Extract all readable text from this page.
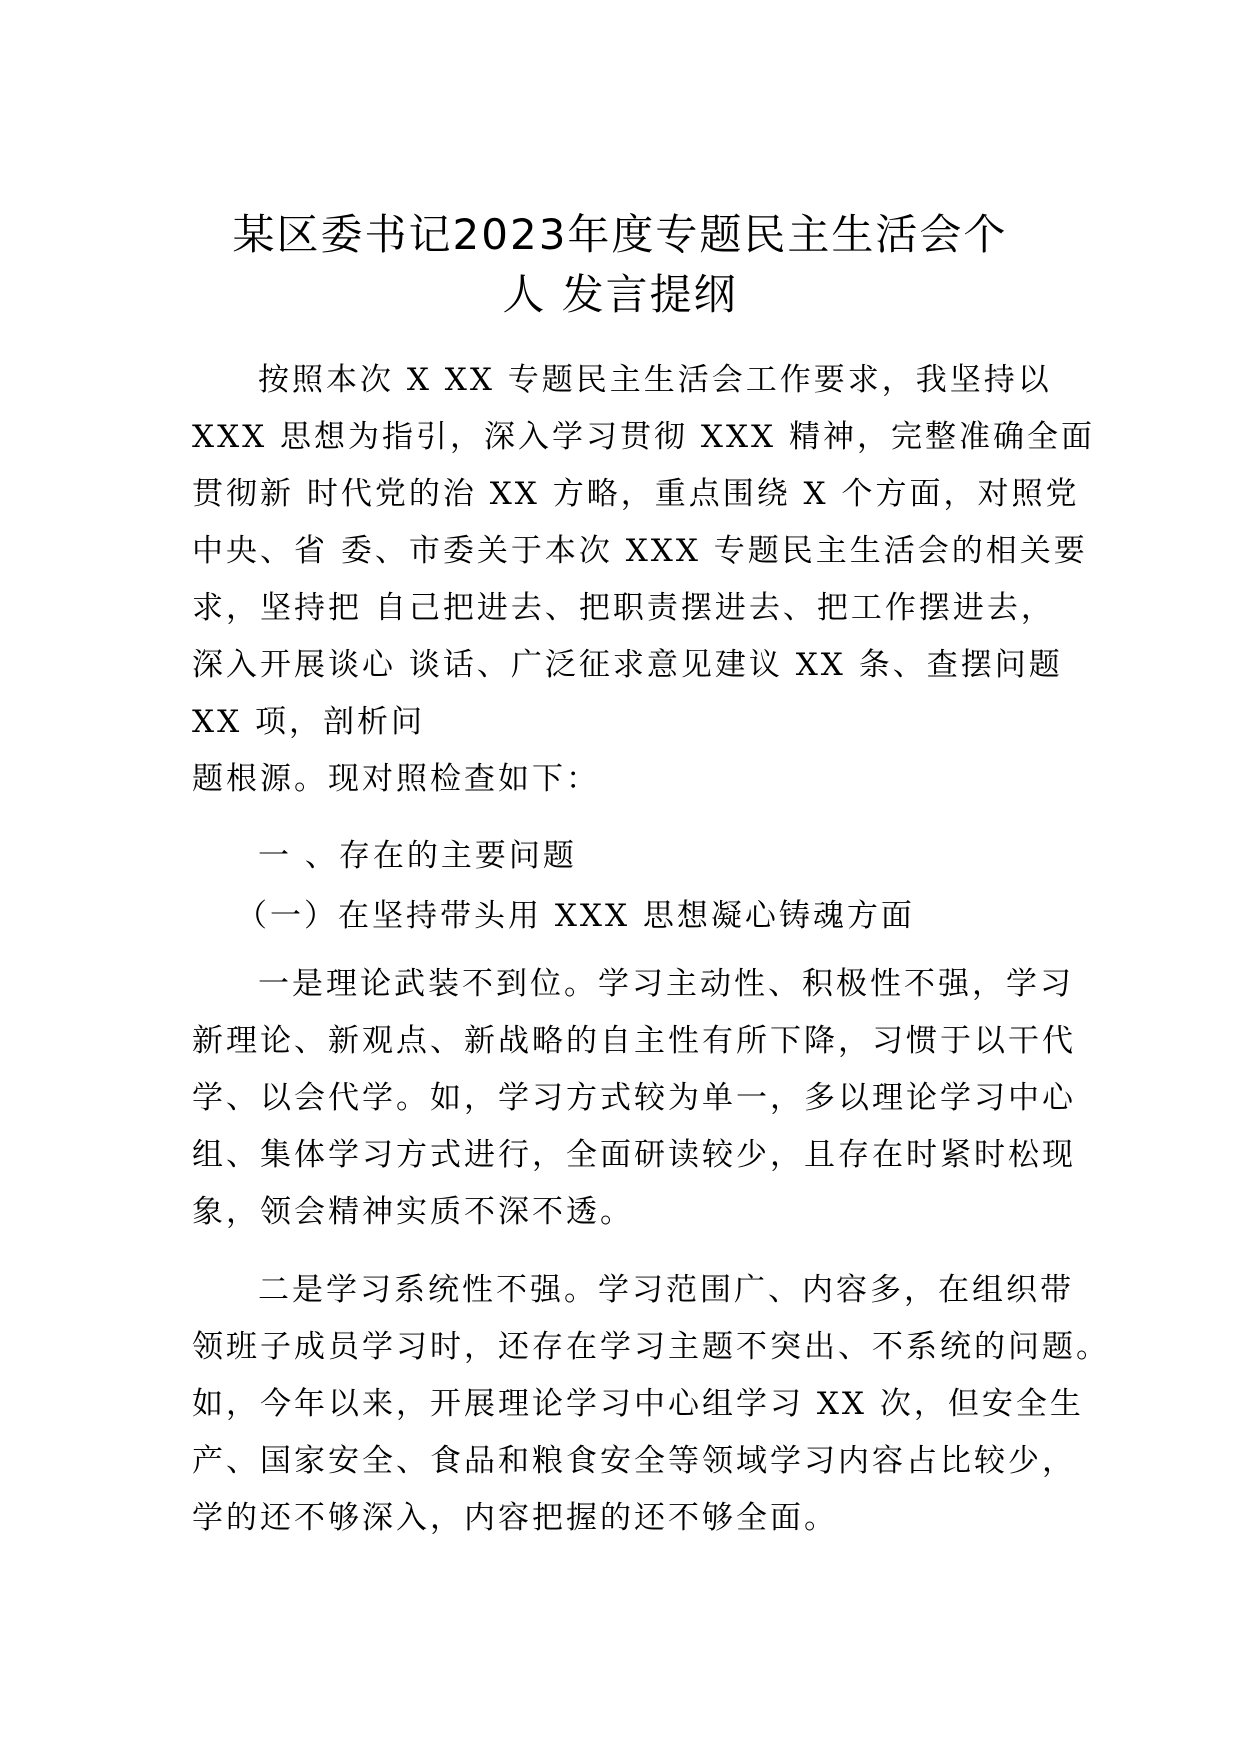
某区委书记2023年度专题民主生活会个
人 发言提纲
按照本次 X XX 专题民主生活会工作要求，我坚持以
XXX 思想为指引，深入学习贯彻 XXX 精神，完整准确全面
贯彻新 时代党的治 XX 方略，重点围绕 X 个方面，对照党
中央、省 委、市委关于本次 XXX 专题民主生活会的相关要
求，坚持把 自己把进去、把职责摆进去、把工作摆进去，
深入开展谈心 谈话、广泛征求意见建议 XX 条、查摆问题
XX 项，剖析问
题根源。现对照检查如下：
一 、存在的主要问题
（一）在坚持带头用 XXX 思想凝心铸魂方面
一是理论武装不到位。学习主动性、积极性不强，学习
新理论、新观点、新战略的自主性有所下降，习惯于以干代
学、以会代学。如，学习方式较为单一，多以理论学习中心
组、集体学习方式进行，全面研读较少，且存在时紧时松现
象，领会精神实质不深不透。
二是学习系统性不强。学习范围广、内容多，在组织带
领班子成员学习时，还存在学习主题不突出、不系统的问题。
如，今年以来，开展理论学习中心组学习 XX 次，但安全生
产、国家安全、食品和粮食安全等领域学习内容占比较少，
学的还不够深入，内容把握的还不够全面。
